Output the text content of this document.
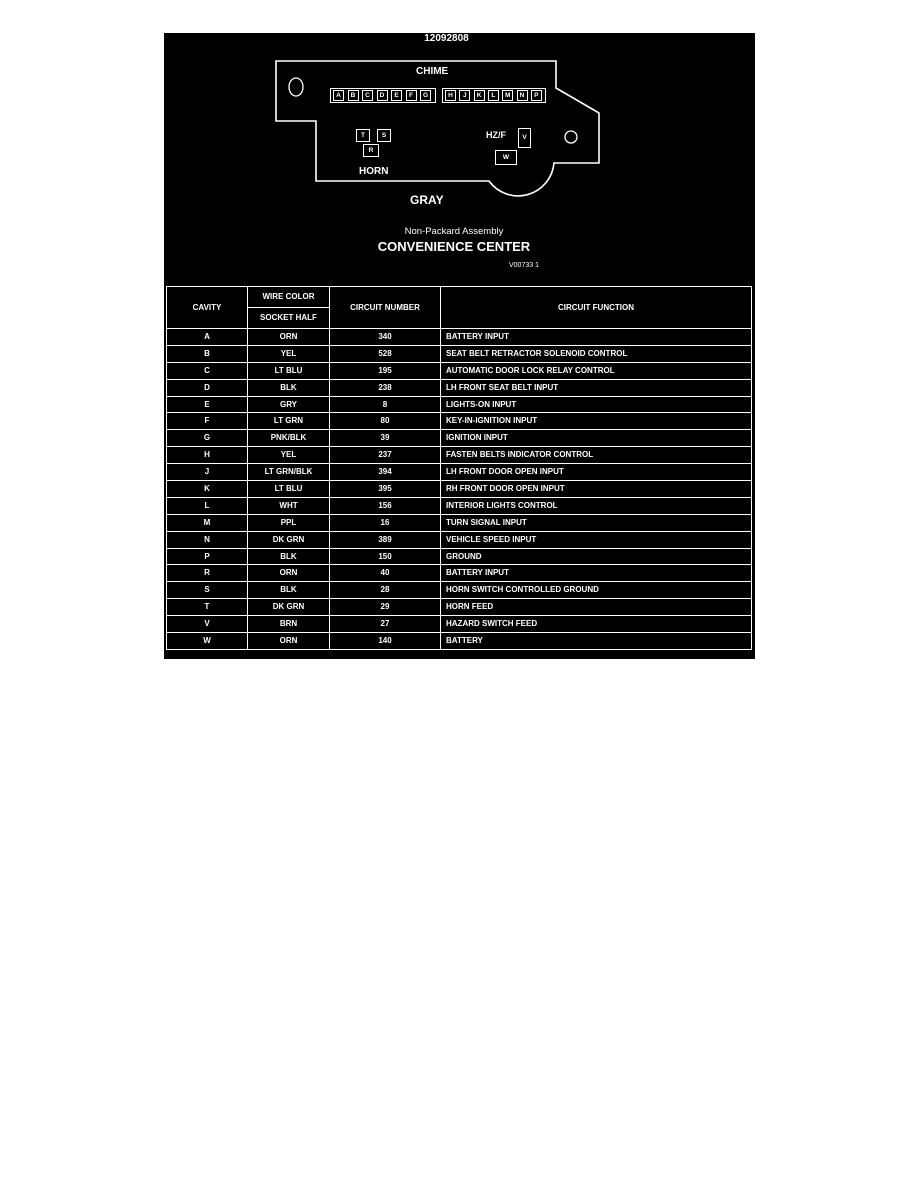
12092808
CHIME
A	B	C	D	E	F	G	H	J	K	L	M	N	P
T	S
R
HORN
HZ/F	V
W
GRAY
Non-Packard Assembly
CONVENIENCE CENTER
V00733 1
CAVITY	WIRE COLOR	CIRCUIT NUMBER	CIRCUIT FUNCTION
	SOCKET HALF		
A	ORN	340	BATTERY INPUT
B	YEL	528	SEAT BELT RETRACTOR SOLENOID CONTROL
C	LT BLU	195	AUTOMATIC DOOR LOCK RELAY CONTROL
D	BLK	238	LH FRONT SEAT BELT INPUT
E	GRY	8	LIGHTS-ON INPUT
F	LT GRN	80	KEY-IN-IGNITION INPUT
G	PNK/BLK	39	IGNITION INPUT
H	YEL	237	FASTEN BELTS INDICATOR CONTROL
J	LT GRN/BLK	394	LH FRONT DOOR OPEN INPUT
K	LT BLU	395	RH FRONT DOOR OPEN INPUT
L	WHT	156	INTERIOR LIGHTS CONTROL
M	PPL	16	TURN SIGNAL INPUT
N	DK GRN	389	VEHICLE SPEED INPUT
P	BLK	150	GROUND
R	ORN	40	BATTERY INPUT
S	BLK	28	HORN SWITCH CONTROLLED GROUND
T	DK GRN	29	HORN FEED
V	BRN	27	HAZARD SWITCH FEED
W	ORN	140	BATTERY
